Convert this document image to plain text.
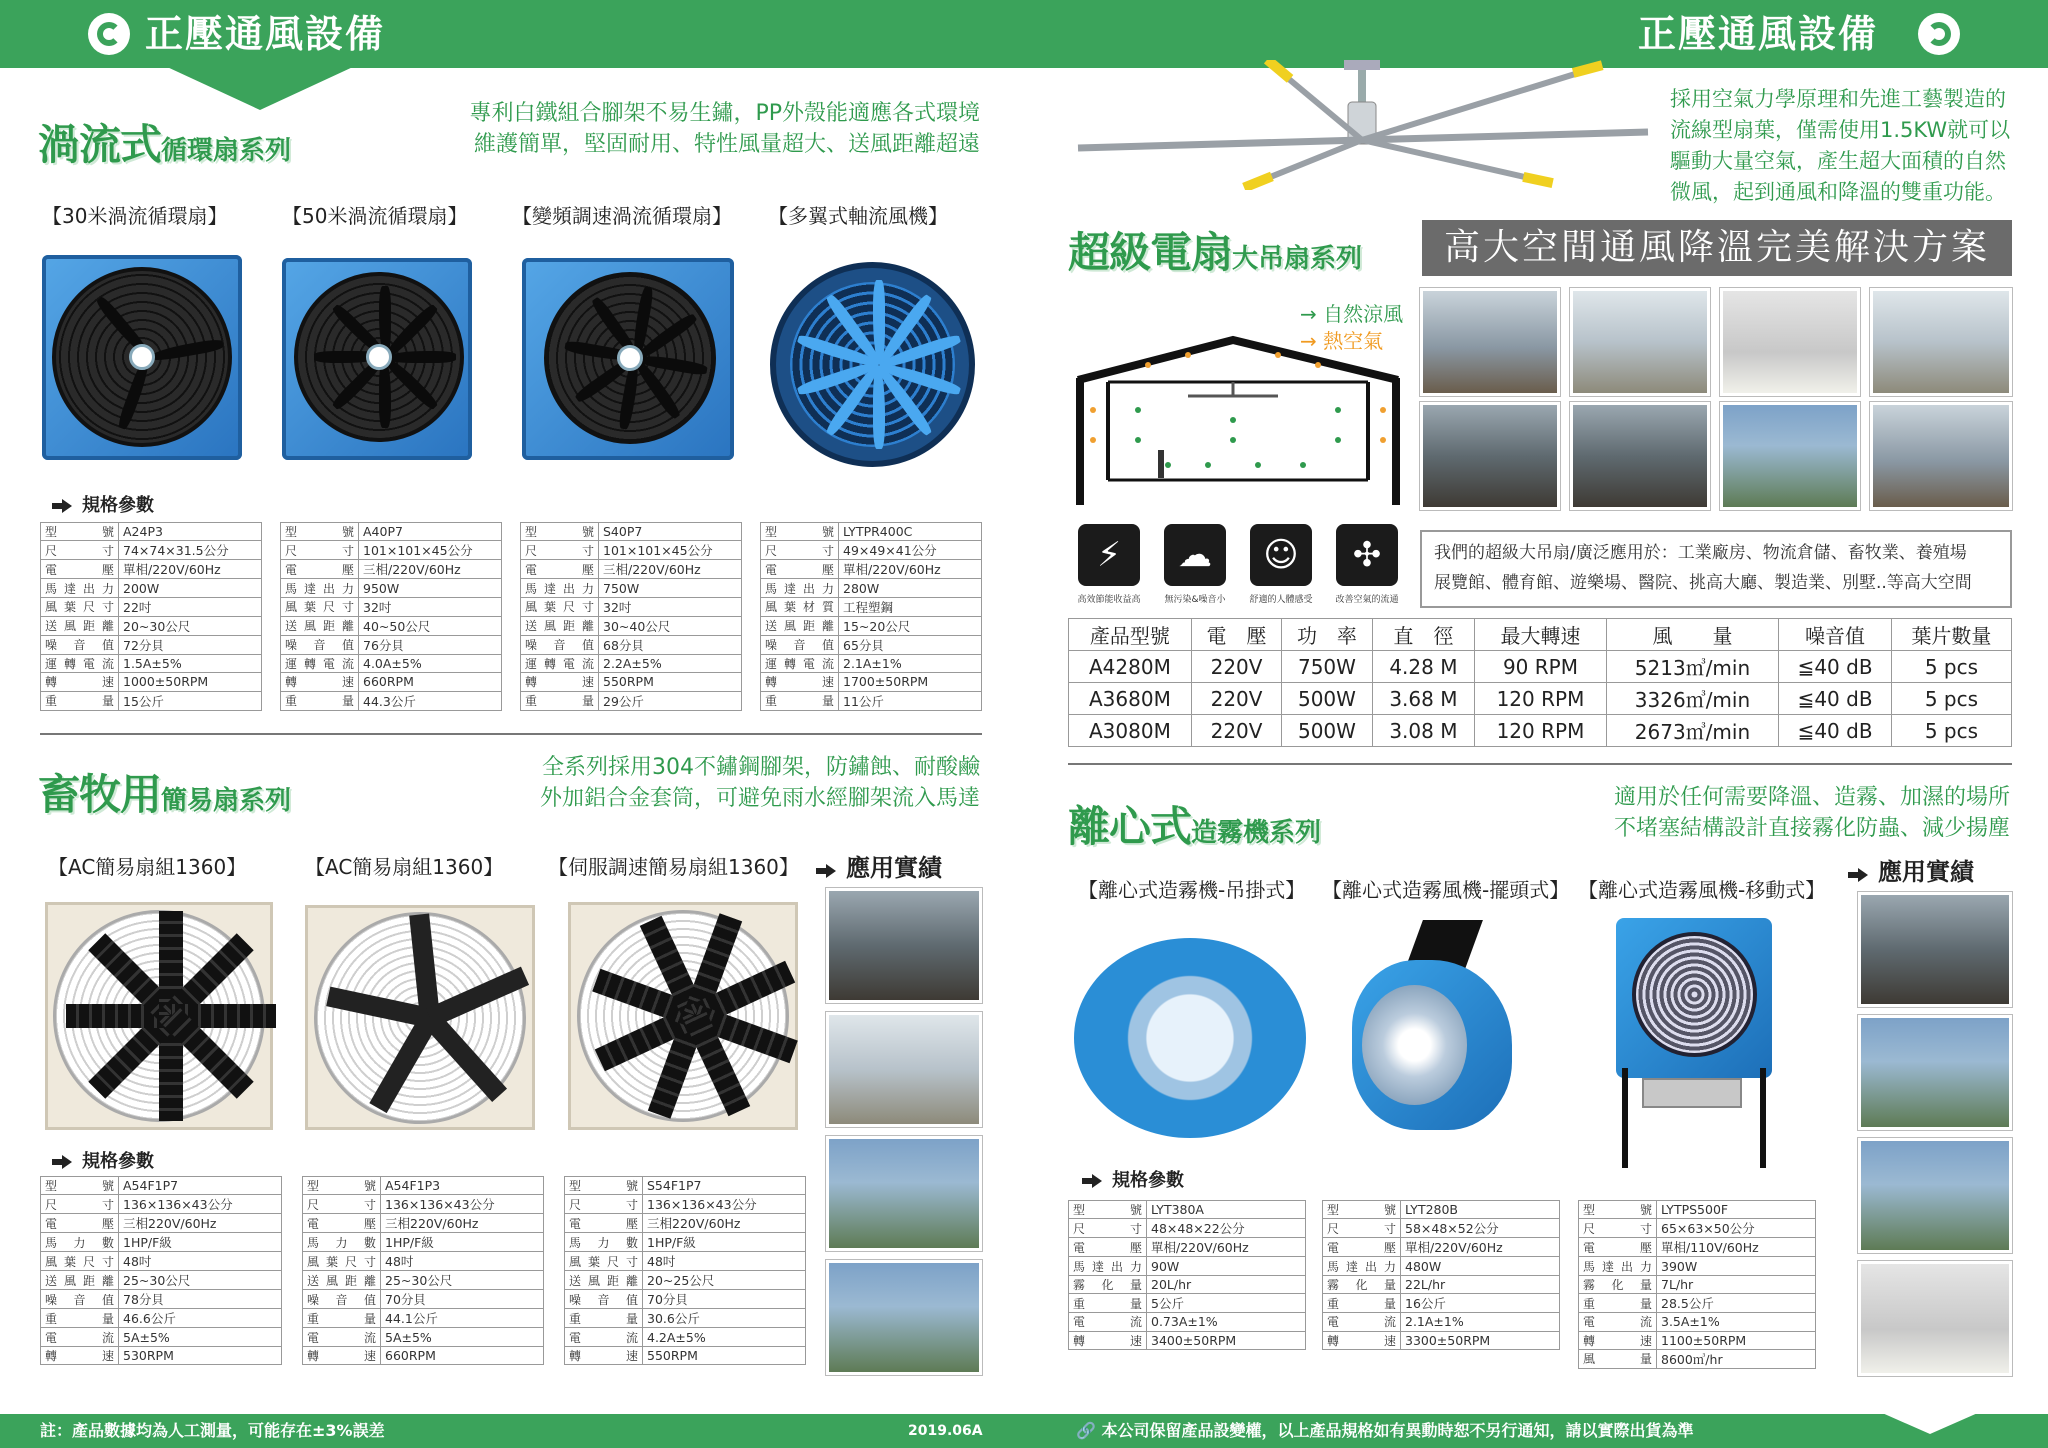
正壓通風設備	正壓通風設備
渦流式循環扇系列
專利白鐵組合腳架不易生鏽，PP外殼能適應各式環境
維護簡單，堅固耐用、特性風量超大、送風距離超遠
【30米渦流循環扇】	【50米渦流循環扇】 【變頻調速渦流循環扇】 【多翼式軸流風機】
規格參數
型　號	A24P3
尺　寸	74×74×31.5公分
電　壓	單相/220V/60Hz
馬達出力	200W
風葉尺寸	22吋
送風距離	20~30公尺
噪 音 值	72分貝
運轉電流	1.5A±5%
轉　速	1000±50RPM
重　量	15公斤
型　號	A40P7
尺　寸	101×101×45公分
電　壓	三相/220V/60Hz
馬達出力	950W
風葉尺寸	32吋
送風距離	40~50公尺
噪 音 值	76分貝
運轉電流	4.0A±5%
轉　速	660RPM
重　量	44.3公斤
型　號	S40P7
尺　寸	101×101×45公分
電　壓	三相/220V/60Hz
馬達出力	750W
風葉尺寸	32吋
送風距離	30~40公尺
噪 音 值	68分貝
運轉電流	2.2A±5%
轉　速	550RPM
重　量	29公斤
型　號	LYTPR400C
尺　寸	49×49×41公分
電　壓	單相/220V/60Hz
馬達出力	280W
風葉材質	工程塑鋼
送風距離	15~20公尺
噪 音 值	65分貝
運轉電流	2.1A±1%
轉　速	1700±50RPM
重　量	11公斤
畜牧用簡易扇系列
全系列採用304不鏽鋼腳架，防鏽蝕、耐酸鹼
外加鋁合金套筒，可避免雨水經腳架流入馬達
【AC簡易扇組1360】	【AC簡易扇組1360】 【伺服調速簡易扇組1360】	應用實績
規格參數
型　號	A54F1P7
尺　寸	136×136×43公分
電　壓	三相220V/60Hz
馬 力 數	1HP/F級
風葉尺寸	48吋
送風距離	25~30公尺
噪 音 值	78分貝
重　量	46.6公斤
電　流	5A±5%
轉　速	530RPM
型　號	A54F1P3
尺　寸	136×136×43公分
電　壓	三相220V/60Hz
馬 力 數	1HP/F級
風葉尺寸	48吋
送風距離	25~30公尺
噪 音 值	70分貝
重　量	44.1公斤
電　流	5A±5%
轉　速	660RPM
型　號	S54F1P7
尺　寸	136×136×43公分
電　壓	三相220V/60Hz
馬 力 數	1HP/F級
風葉尺寸	48吋
送風距離	20~25公尺
噪 音 值	70分貝
重　量	30.6公斤
電　流	4.2A±5%
轉　速	550RPM
採用空氣力學原理和先進工藝製造的
流線型扇葉，僅需使用1.5KW就可以
驅動大量空氣，產生超大面積的自然
微風，起到通風和降溫的雙重功能。
超級電扇大吊扇系列	高大空間通風降溫完美解決方案
→ 自然涼風
→ 熱空氣
⚡	☁	☺	✣
高效節能收益高	無污染&噪音小	舒適的人體感受	改善空氣的流通
我們的超級大吊扇/廣泛應用於：工業廠房、物流倉儲、畜牧業、養殖場
展覽館、體育館、遊樂場、醫院、挑高大廳、製造業、別墅..等高大空間
產品型號	電　壓	功　率	直　徑	最大轉速	風　　量	噪音值	葉片數量
A4280M	220V	750W	4.28 M	90 RPM	5213㎥/min	≦40 dB	5 pcs
A3680M	220V	500W	3.68 M	120 RPM	3326㎥/min	≦40 dB	5 pcs
A3080M	220V	500W	3.08 M	120 RPM	2673㎥/min	≦40 dB	5 pcs
離心式造霧機系列
適用於任何需要降溫、造霧、加濕的場所
不堵塞結構設計直接霧化防蟲、減少揚塵
應用實績
【離心式造霧機-吊掛式】 【離心式造霧風機-擺頭式】 【離心式造霧風機-移動式】
規格參數
型　號	LYT380A
尺　寸	48×48×22公分
電　壓	單相/220V/60Hz
馬達出力	90W
霧 化 量	20L/hr
重　量	5公斤
電　流	0.73A±1%
轉　速	3400±50RPM
型　號	LYT280B
尺　寸	58×48×52公分
電　壓	單相/220V/60Hz
馬達出力	480W
霧 化 量	22L/hr
重　量	16公斤
電　流	2.1A±1%
轉　速	3300±50RPM
型　號	LYTPS500F
尺　寸	65×63×50公分
電　壓	單相/110V/60Hz
馬達出力	390W
霧 化 量	7L/hr
重　量	28.5公斤
電　流	3.5A±1%
轉　速	1100±50RPM
風　量	8600㎥/hr
註：產品數據均為人工測量，可能存在±3%誤差	2019.06A	🔗 本公司保留產品設變權，以上產品規格如有異動時恕不另行通知，請以實際出貨為準
